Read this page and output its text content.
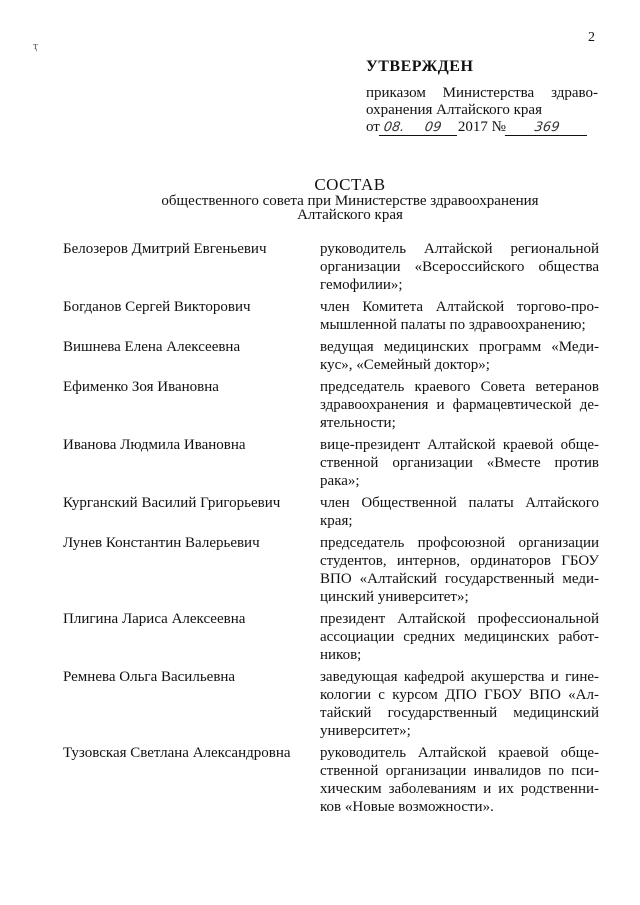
2
ҭ
УТВЕРЖДЕН
приказом Министерства здраво-
охранения Алтайского края
от 08.	09	2017 №	369
СОСТАВ
общественного совета при Министерстве здравоохранения
Алтайского края
Белозеров Дмитрий Евгеньевич	руководитель Алтайской региональной
организации «Всероссийского общества
гемофилии»;
Богданов Сергей Викторович	член Комитета Алтайской торгово-про-
мышленной палаты по здравоохранению;
Вишнева Елена Алексеевна	ведущая медицинских программ «Меди-
кус», «Семейный доктор»;
Ефименко Зоя Ивановна	председатель краевого Совета ветеранов
здравоохранения и фармацевтической де-
ятельности;
Иванова Людмила Ивановна	вице-президент Алтайской краевой обще-
ственной организации «Вместе против
рака»;
Курганский Василий Григорьевич	член Общественной палаты Алтайского
края;
Лунев Константин Валерьевич	председатель профсоюзной организации
студентов, интернов, ординаторов ГБОУ
ВПО «Алтайский государственный меди-
цинский университет»;
Плигина Лариса Алексеевна	президент Алтайской профессиональной
ассоциации средних медицинских работ-
ников;
Ремнева Ольга Васильевна	заведующая кафедрой акушерства и гине-
кологии с курсом ДПО ГБОУ ВПО «Ал-
тайский государственный медицинский
университет»;
Тузовская Светлана Александровна	руководитель Алтайской краевой обще-
ственной организации инвалидов по пси-
хическим заболеваниям и их родственни-
ков «Новые возможности».
